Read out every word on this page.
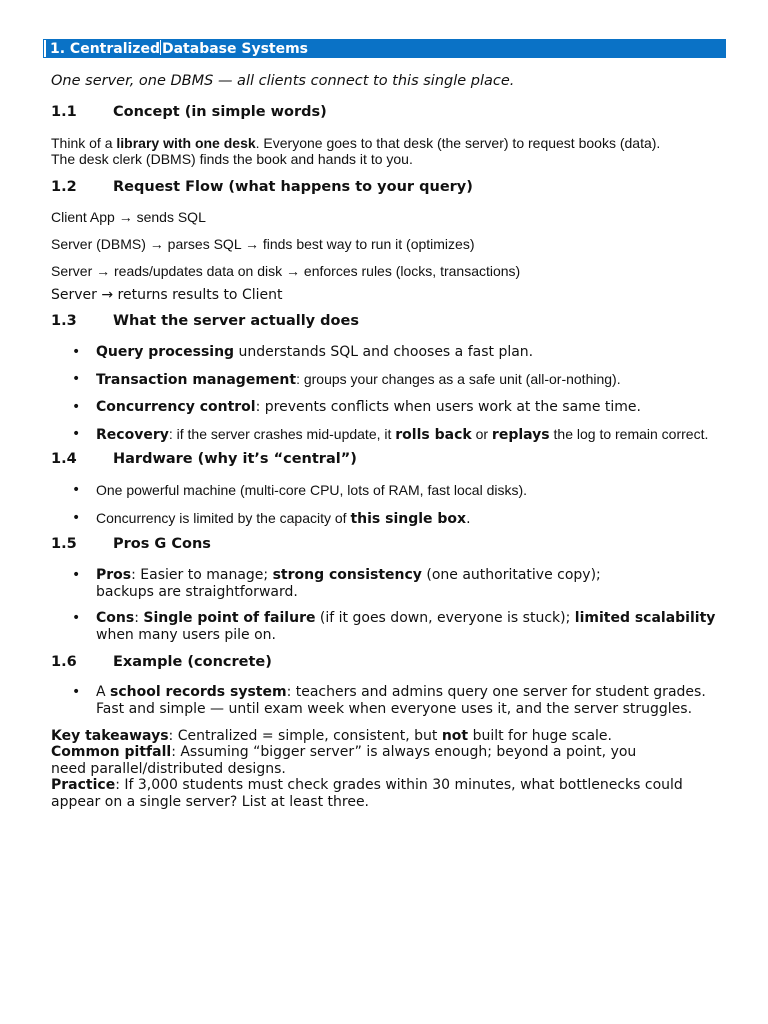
1. Centralized Database Systems
One server, one DBMS — all clients connect to this single place.
1.1	Concept (in simple words)
Think of a library with one desk. Everyone goes to that desk (the server) to request books (data).
The desk clerk (DBMS) finds the book and hands it to you.
1.2	Request Flow (what happens to your query)
Client App → sends SQL
Server (DBMS) → parses SQL → finds best way to run it (optimizes)
Server → reads/updates data on disk → enforces rules (locks, transactions)
Server → returns results to Client
1.3	What the server actually does
• Query processing understands SQL and chooses a fast plan.
• Transaction management: groups your changes as a safe unit (all-or-nothing).
• Concurrency control: prevents conflicts when users work at the same time.
• Recovery: if the server crashes mid-update, it rolls back or replays the log to remain correct.
1.4	Hardware (why it’s “central”)
• One powerful machine (multi-core CPU, lots of RAM, fast local disks).
• Concurrency is limited by the capacity of this single box.
1.5	Pros G Cons
• Pros: Easier to manage; strong consistency (one authoritative copy);
backups are straightforward.
• Cons: Single point of failure (if it goes down, everyone is stuck); limited scalability
when many users pile on.
1.6	Example (concrete)
• A school records system: teachers and admins query one server for student grades.
Fast and simple — until exam week when everyone uses it, and the server struggles.
Key takeaways: Centralized = simple, consistent, but not built for huge scale.
Common pitfall: Assuming “bigger server” is always enough; beyond a point, you
need parallel/distributed designs.
Practice: If 3,000 students must check grades within 30 minutes, what bottlenecks could
appear on a single server? List at least three.
